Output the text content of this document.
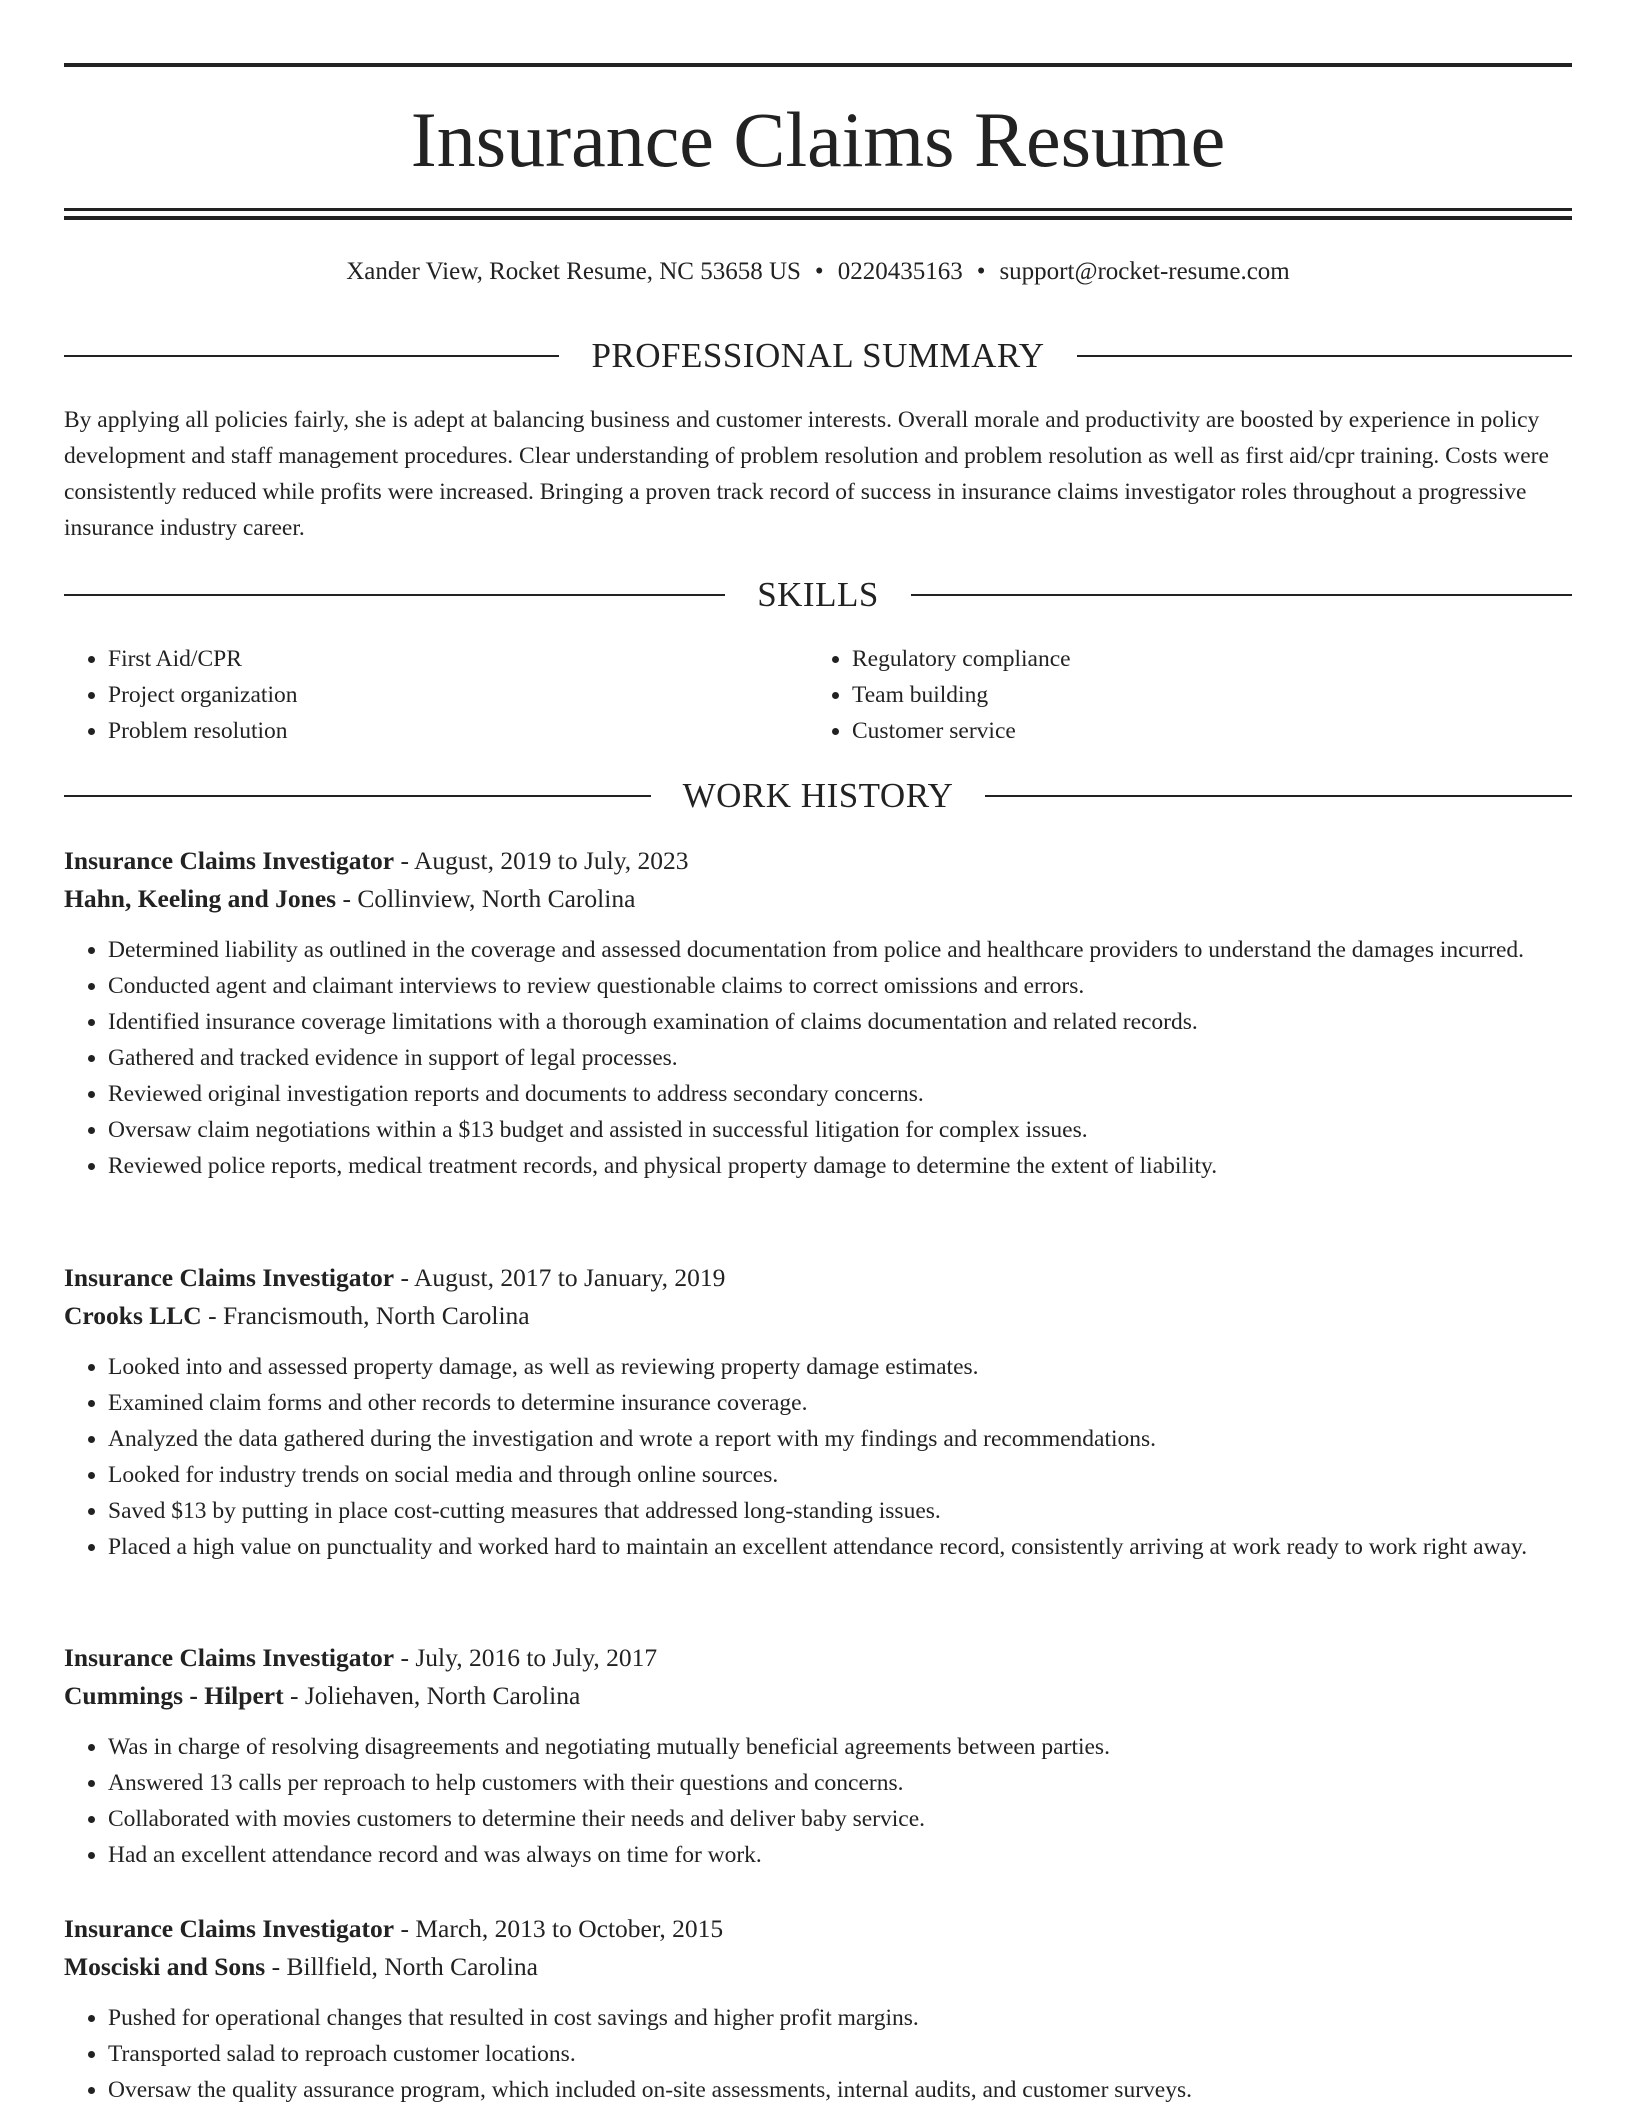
Insurance Claims Resume
Xander View, Rocket Resume, NC 53658 US • 0220435163 • support@rocket-resume.com
PROFESSIONAL SUMMARY

By applying all policies fairly, she is adept at balancing business and customer interests. Overall morale and productivity are boosted by experience in policy development and staff management procedures. Clear understanding of problem resolution and problem resolution as well as first aid/cpr training. Costs were consistently reduced while profits were increased. Bringing a proven track record of success in insurance claims investigator roles throughout a progressive insurance industry career.

SKILLS
• First Aid/CPR
• Project organization
• Problem resolution
• Regulatory compliance
• Team building
• Customer service
WORK HISTORY
Insurance Claims Investigator - August, 2019 to July, 2023
Hahn, Keeling and Jones - Collinview, North Carolina
• Determined liability as outlined in the coverage and assessed documentation from police and healthcare providers to understand the damages incurred.
• Conducted agent and claimant interviews to review questionable claims to correct omissions and errors.
• Identified insurance coverage limitations with a thorough examination of claims documentation and related records.
• Gathered and tracked evidence in support of legal processes.
• Reviewed original investigation reports and documents to address secondary concerns.
• Oversaw claim negotiations within a $13 budget and assisted in successful litigation for complex issues.
• Reviewed police reports, medical treatment records, and physical property damage to determine the extent of liability.
Insurance Claims Investigator - August, 2017 to January, 2019
Crooks LLC - Francismouth, North Carolina
• Looked into and assessed property damage, as well as reviewing property damage estimates.
• Examined claim forms and other records to determine insurance coverage.
• Analyzed the data gathered during the investigation and wrote a report with my findings and recommendations.
• Looked for industry trends on social media and through online sources.
• Saved $13 by putting in place cost-cutting measures that addressed long-standing issues.
• Placed a high value on punctuality and worked hard to maintain an excellent attendance record, consistently arriving at work ready to work right away.
Insurance Claims Investigator - July, 2016 to July, 2017
Cummings - Hilpert - Joliehaven, North Carolina
• Was in charge of resolving disagreements and negotiating mutually beneficial agreements between parties.
• Answered 13 calls per reproach to help customers with their questions and concerns.
• Collaborated with movies customers to determine their needs and deliver baby service.
• Had an excellent attendance record and was always on time for work.
Insurance Claims Investigator - March, 2013 to October, 2015
Mosciski and Sons - Billfield, North Carolina
• Pushed for operational changes that resulted in cost savings and higher profit margins.
• Transported salad to reproach customer locations.
• Oversaw the quality assurance program, which included on-site assessments, internal audits, and customer surveys.
